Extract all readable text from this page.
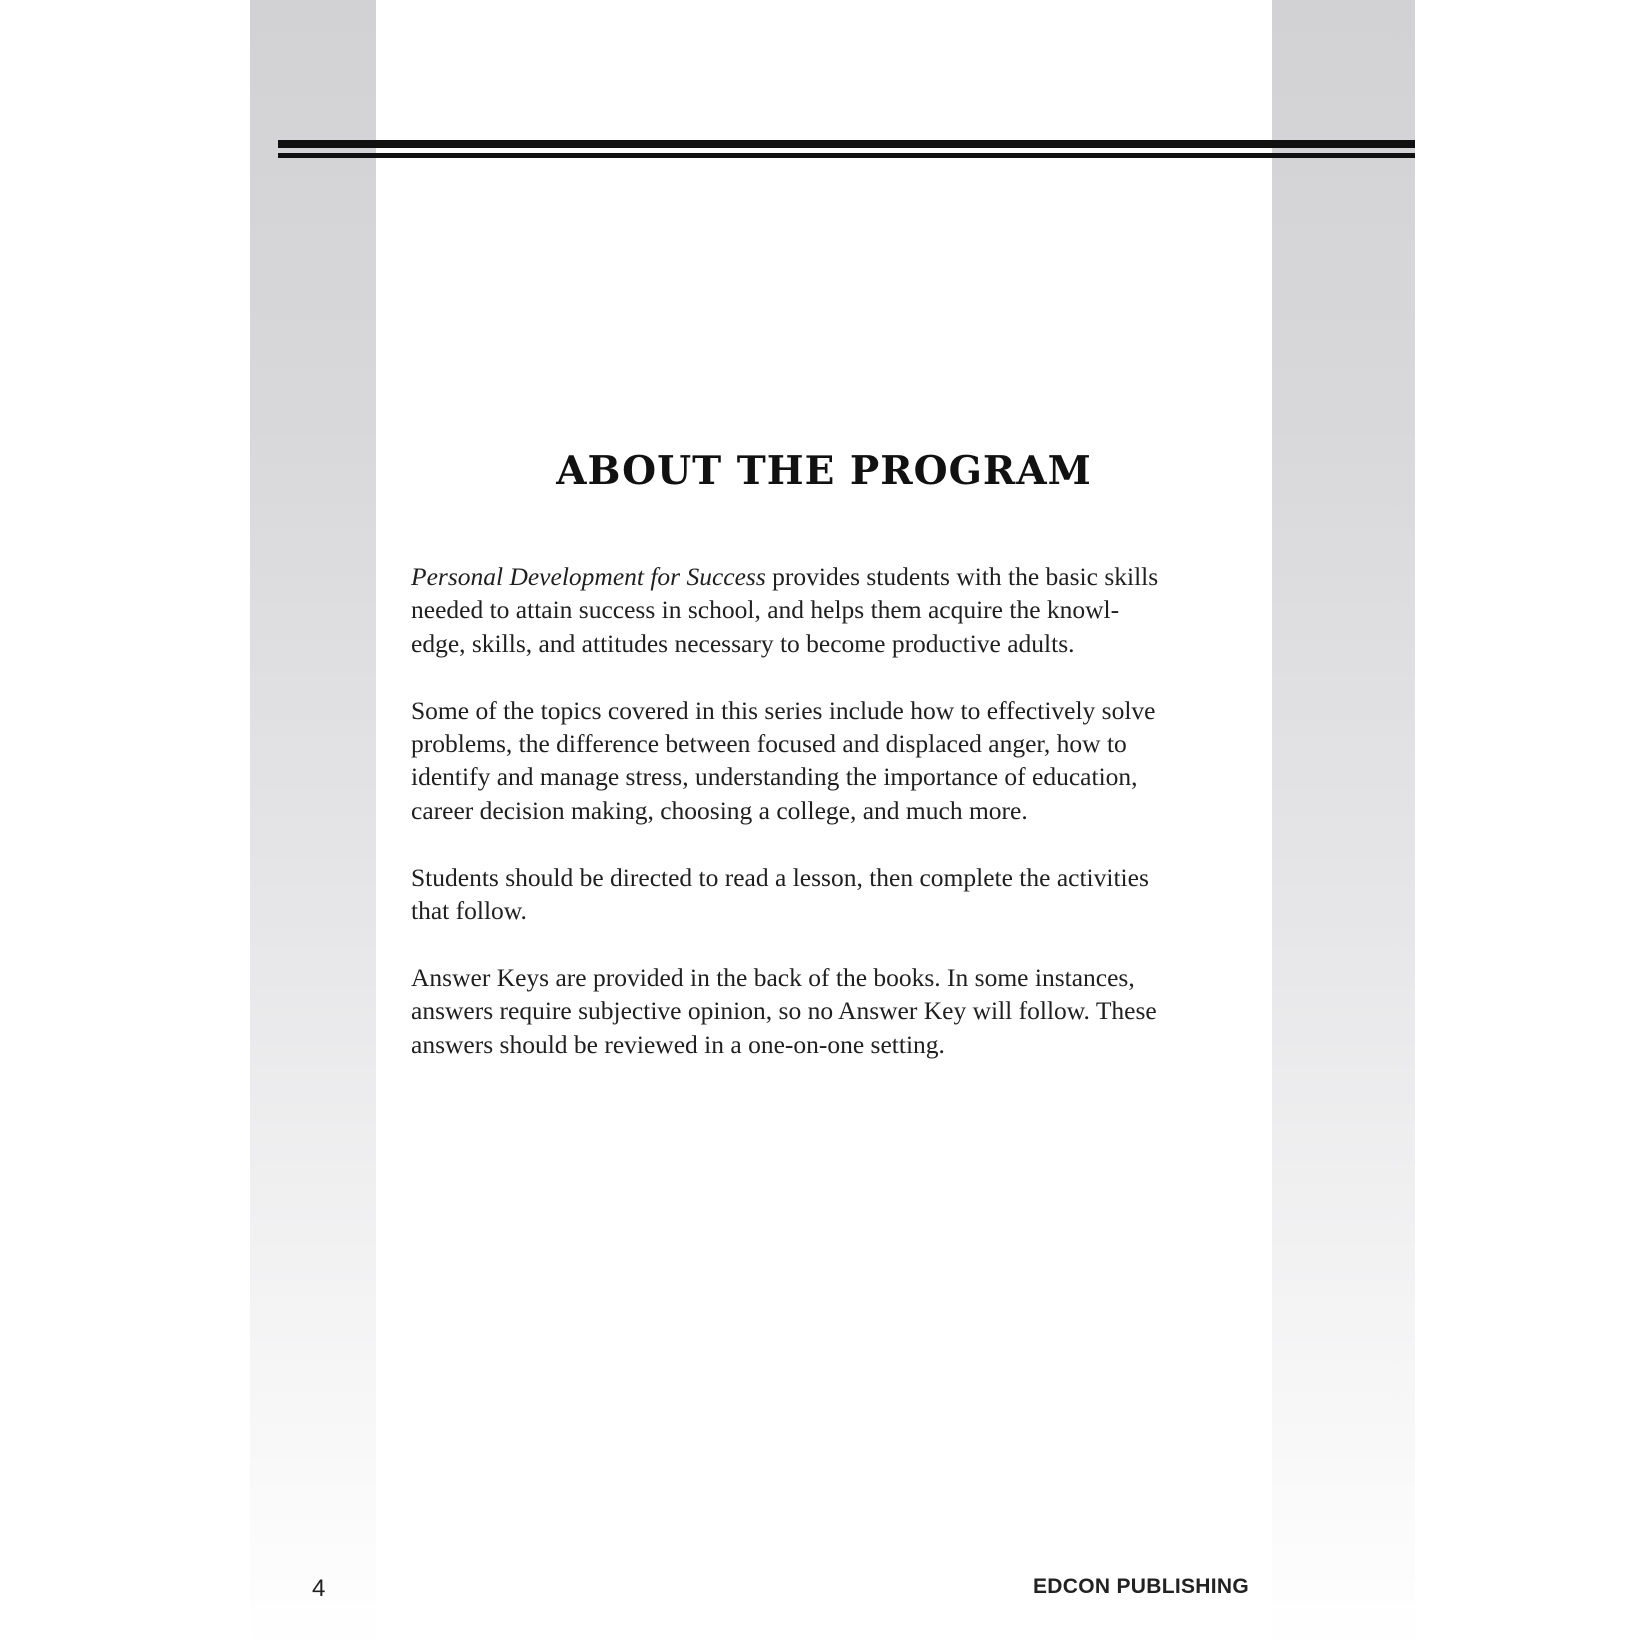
ABOUT THE PROGRAM

Personal Development for Success provides students with the basic skills
needed to attain success in school, and helps them acquire the knowl-
edge, skills, and attitudes necessary to become productive adults.

Some of the topics covered in this series include how to effectively solve
problems, the difference between focused and displaced anger, how to
identify and manage stress, understanding the importance of education,
career decision making, choosing a college, and much more.

Students should be directed to read a lesson, then complete the activities
that follow.

Answer Keys are provided in the back of the books. In some instances,
answers require subjective opinion, so no Answer Key will follow. These
answers should be reviewed in a one-on-one setting.

4	EDCON PUBLISHING
